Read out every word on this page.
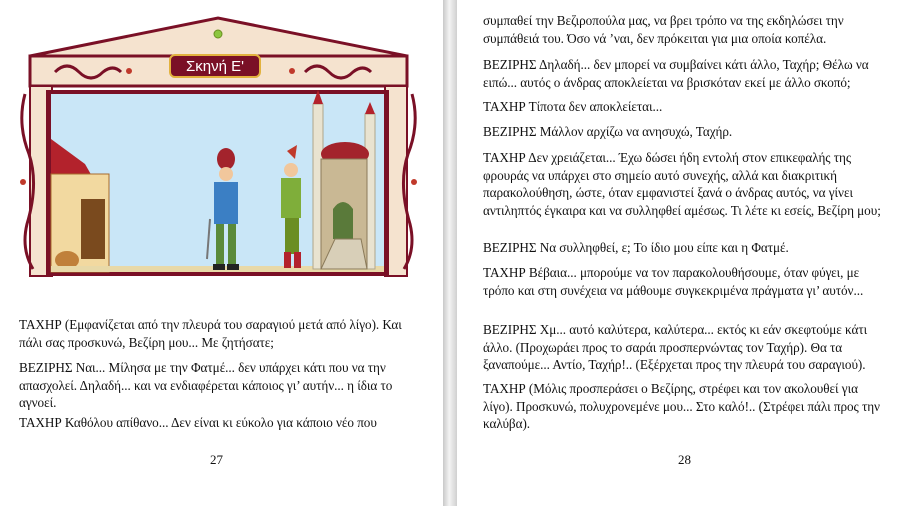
Σκηνή Ε'

ΤΑΧΗΡ (Εμφανίζεται από την πλευρά του σαραγιού μετά από λίγο). Και πάλι σας προσκυνώ, Βεζίρη μου... Με ζητήσατε;

ΒΕΖΙΡΗΣ Ναι... Μίλησα με την Φατμέ... δεν υπάρχει κάτι που να την απασχολεί. Δηλαδή... και να ενδιαφέρεται κάποιος γι’ αυτήν... η ίδια το αγνοεί.

ΤΑΧΗΡ Καθόλου απίθανο... Δεν είναι κι εύκολο για κάποιο νέο που

27

συμπαθεί την Βεζιροπούλα μας, να βρει τρόπο να της εκδηλώσει την συμπάθειά του. Όσο νά ’ναι, δεν πρόκειται για μια οποία κοπέλα.

ΒΕΖΙΡΗΣ Δηλαδή... δεν μπορεί να συμβαίνει κάτι άλλο, Ταχήρ; Θέλω να ειπώ... αυτός ο άνδρας αποκλείεται να βρισκόταν εκεί με άλλο σκοπό;

ΤΑΧΗΡ Τίποτα δεν αποκλείεται...

ΒΕΖΙΡΗΣ Μάλλον αρχίζω να ανησυχώ, Ταχήρ.

ΤΑΧΗΡ Δεν χρειάζεται... Έχω δώσει ήδη εντολή στον επικεφαλής της φρουράς να υπάρχει στο σημείο αυτό συνεχής, αλλά και διακριτική παρακολούθηση, ώστε, όταν εμφανιστεί ξανά ο άνδρας αυτός, να γίνει αντιληπτός έγκαιρα και να συλληφθεί αμέσως. Τι λέτε κι εσείς, Βεζίρη μου;

ΒΕΖΙΡΗΣ Να συλληφθεί, ε; Το ίδιο μου είπε και η Φατμέ.

ΤΑΧΗΡ Βέβαια... μπορούμε να τον παρακολουθήσουμε, όταν φύγει, με τρόπο και στη συνέχεια να μάθουμε συγκεκριμένα πράγματα γι’ αυτόν...

ΒΕΖΙΡΗΣ Χμ... αυτό καλύτερα, καλύτερα... εκτός κι εάν σκεφτούμε κάτι άλλο. (Προχωράει προς το σαράι προσπερνώντας τον Ταχήρ). Θα τα ξαναπούμε... Αντίο, Ταχήρ!.. (Εξέρχεται προς την πλευρά του σαραγιού).

ΤΑΧΗΡ (Μόλις προσπεράσει ο Βεζίρης, στρέφει και τον ακολουθεί για λίγο). Προσκυνώ, πολυχρονεμένε μου... Στο καλό!.. (Στρέφει πάλι προς την καλύβα).

28
